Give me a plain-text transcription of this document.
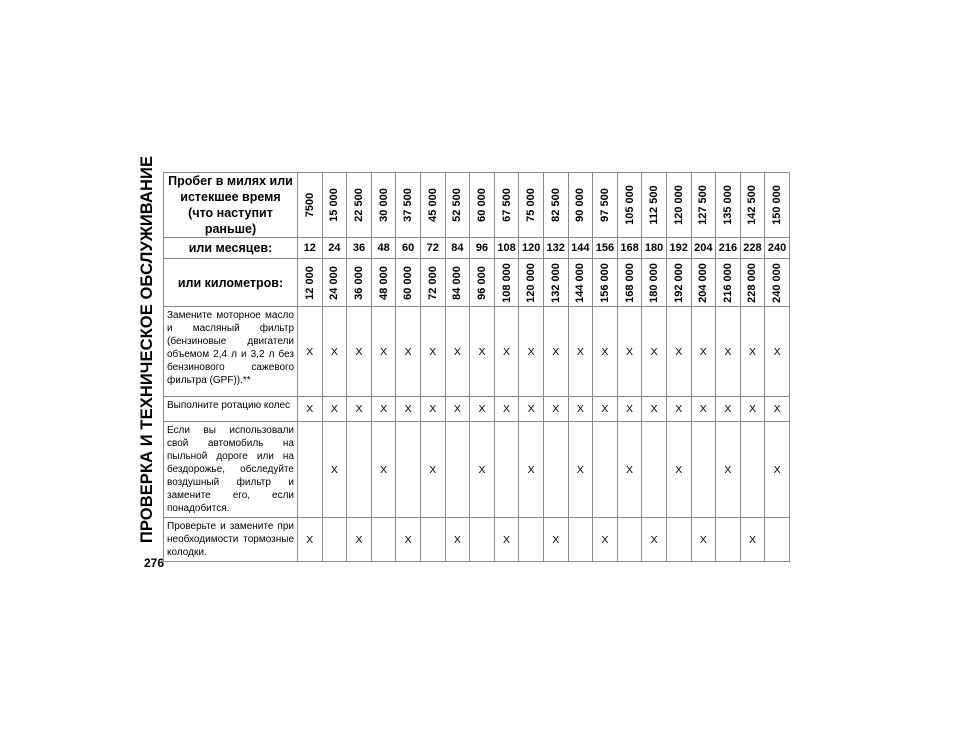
ПРОВЕРКА И ТЕХНИЧЕСКОЕ ОБСЛУЖИВАНИЕ
276
Пробег в милях или истекшее время (что наступит раньше)	7500	15 000	22 500	30 000	37 500	45 000	52 500	60 000	67 500	75 000	82 500	90 000	97 500	105 000	112 500	120 000	127 500	135 000	142 500	150 000

или месяцев:	12	24	36	48	60	72	84	96	108	120	132	144	156	168	180	192	204	216	228	240
или километров:	12 000	24 000	36 000	48 000	60 000	72 000	84 000	96 000	108 000	120 000	132 000	144 000	156 000	168 000	180 000	192 000	204 000	216 000	228 000	240 000

Замените моторное масло и масляный фильтр (бензиновые двигатели объемом 2,4 л и 3,2 л без бензинового сажевого фильтра (GPF)).**	X	X	X	X	X	X	X	X	X	X	X	X	X	X	X	X	X	X	X	X
Выполните ротацию колес	X	X	X	X	X	X	X	X	X	X	X	X	X	X	X	X	X	X	X	X
Если вы использовали свой автомобиль на пыльной дороге или на бездорожье, обследуйте воздушный фильтр и замените его, если понадобится.		X		X		X		X		X		X		X		X		X		X
Проверьте и замените при необходимости тормозные колодки.	X		X		X		X		X		X		X		X		X		X	
